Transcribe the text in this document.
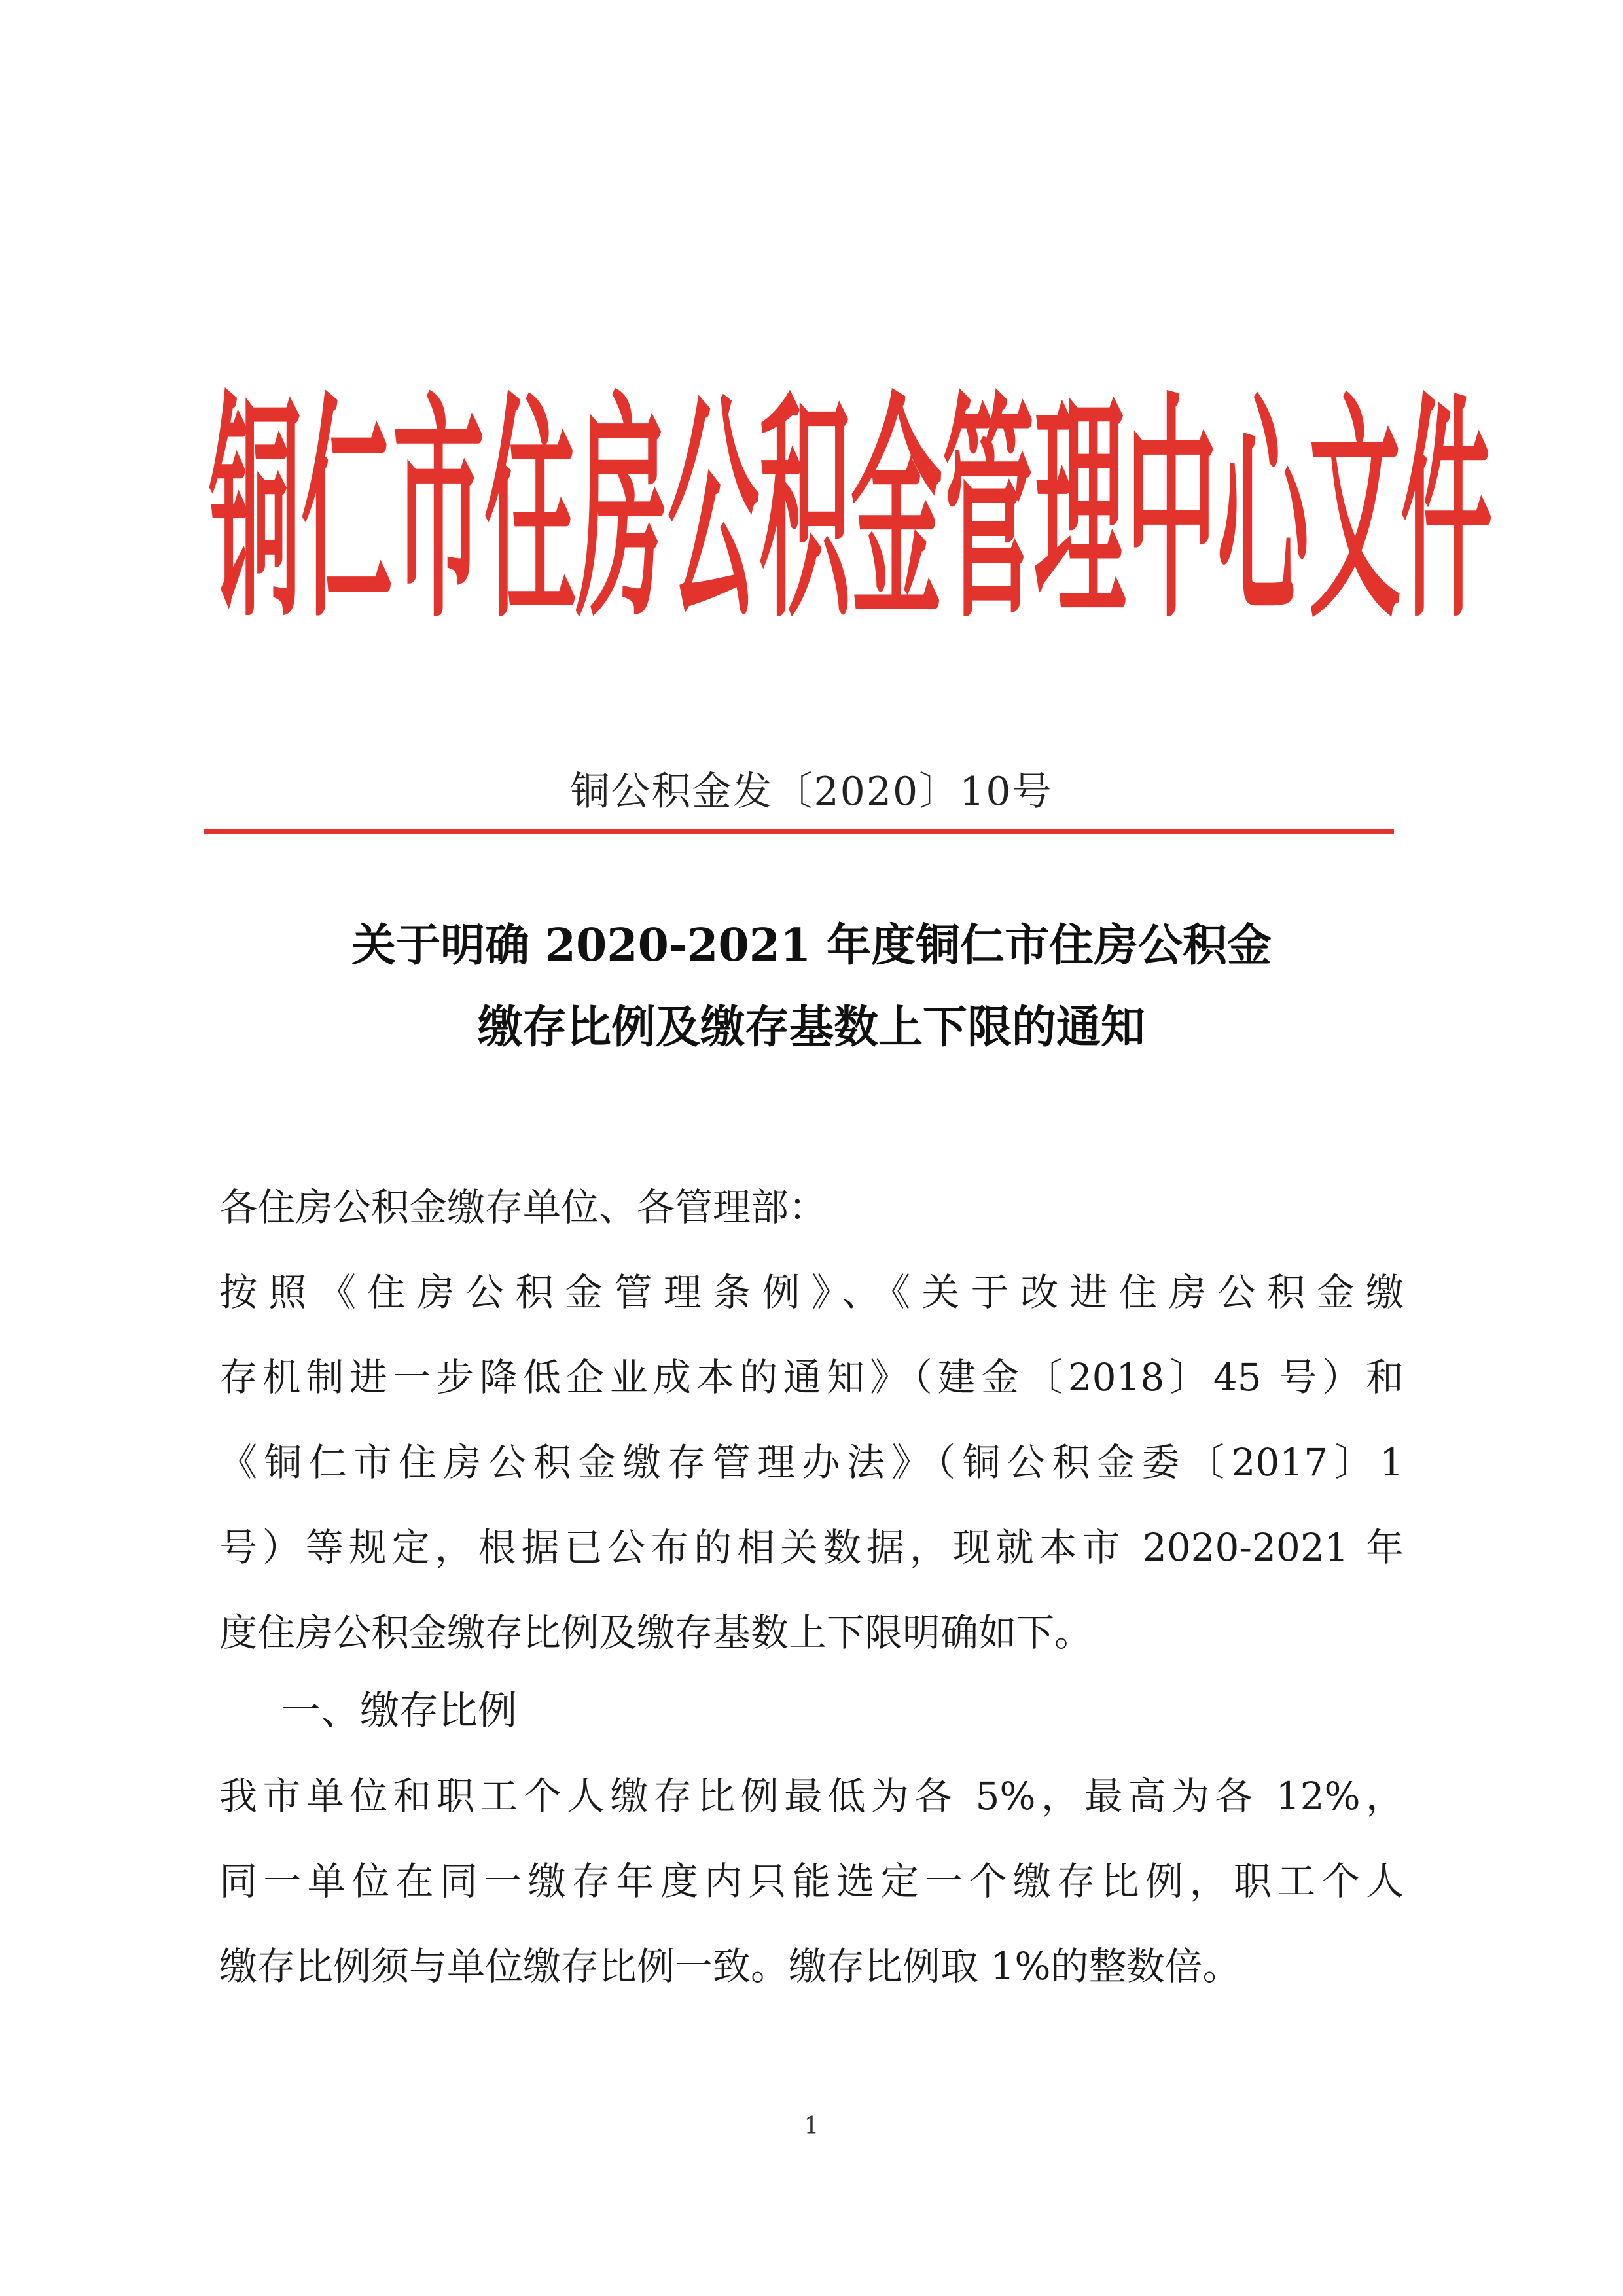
铜 仁 市 住 房 公 积 金 管 理 中 心 文 件
铜公积金发〔2020〕10号
关于明确 2020-2021 年度铜仁市住房公积金
缴存比例及缴存基数上下限的通知
各住房公积金缴存单位、各管理部：
按照《住房公积金管理条例》、《关于改进住房公积金缴
存机制进一步降低企业成本的通知》（建金〔2018〕45 号）和
《铜仁市住房公积金缴存管理办法》（铜公积金委〔2017〕1
号）等规定，根据已公布的相关数据，现就本市 2020-2021 年
度住房公积金缴存比例及缴存基数上下限明确如下。
一、缴存比例
我市单位和职工个人缴存比例最低为各 5%，最高为各 12%，
同一单位在同一缴存年度内只能选定一个缴存比例，职工个人
缴存比例须与单位缴存比例一致。缴存比例取 1%的整数倍。
1
